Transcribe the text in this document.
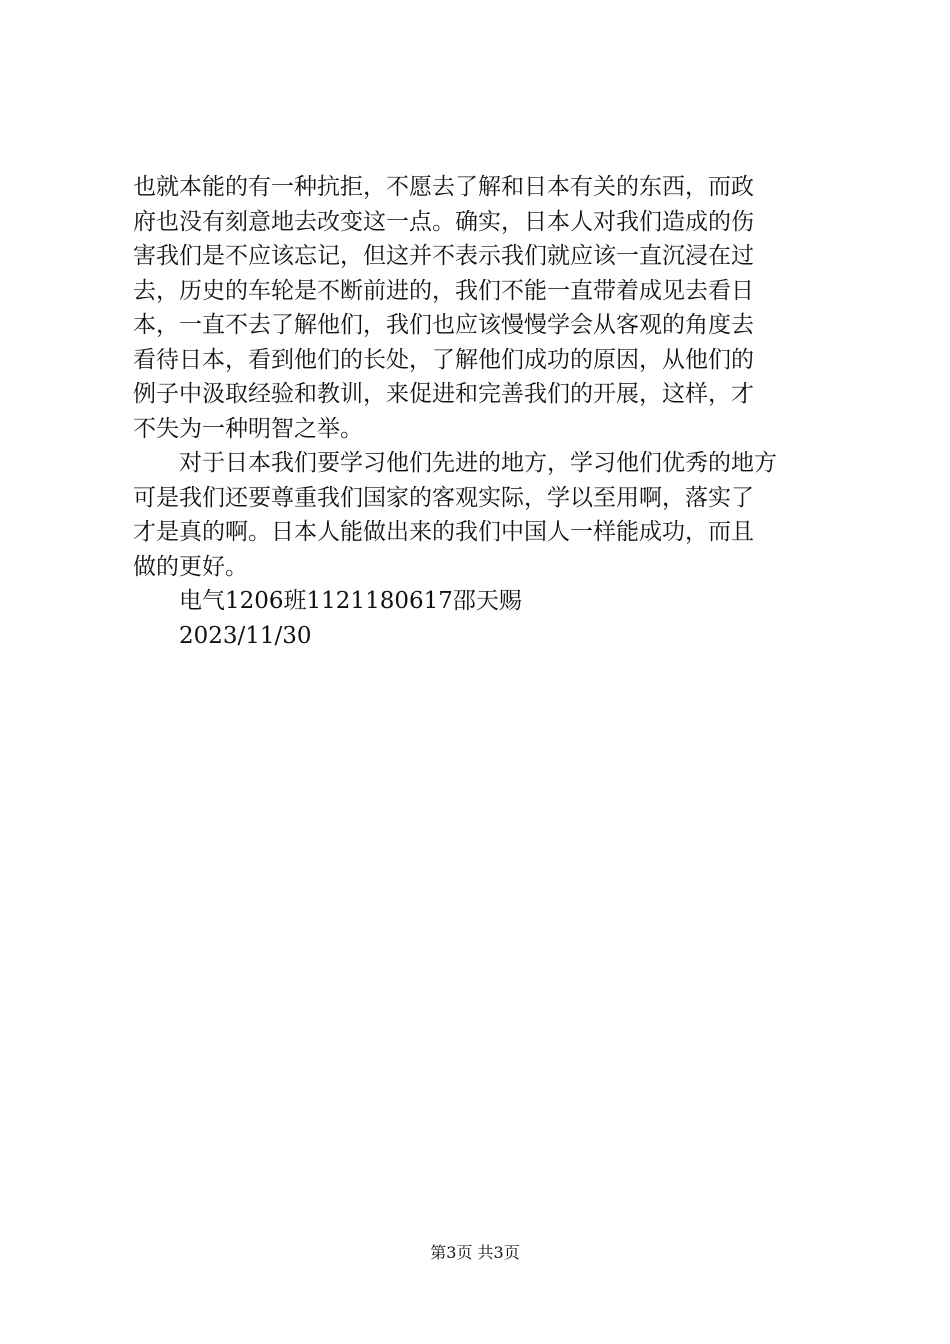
也就本能的有一种抗拒，不愿去了解和日本有关的东西，而政
府也没有刻意地去改变这一点。确实，日本人对我们造成的伤
害我们是不应该忘记，但这并不表示我们就应该一直沉浸在过
去，历史的车轮是不断前进的，我们不能一直带着成见去看日
本，一直不去了解他们，我们也应该慢慢学会从客观的角度去
看待日本，看到他们的长处，了解他们成功的原因，从他们的
例子中汲取经验和教训，来促进和完善我们的开展，这样，才
不失为一种明智之举。
对于日本我们要学习他们先进的地方，学习他们优秀的地方
可是我们还要尊重我们国家的客观实际，学以至用啊，落实了
才是真的啊。日本人能做出来的我们中国人一样能成功，而且
做的更好。
电气1206班1121180617邵天赐
2023/11/30
第3页 共3页
